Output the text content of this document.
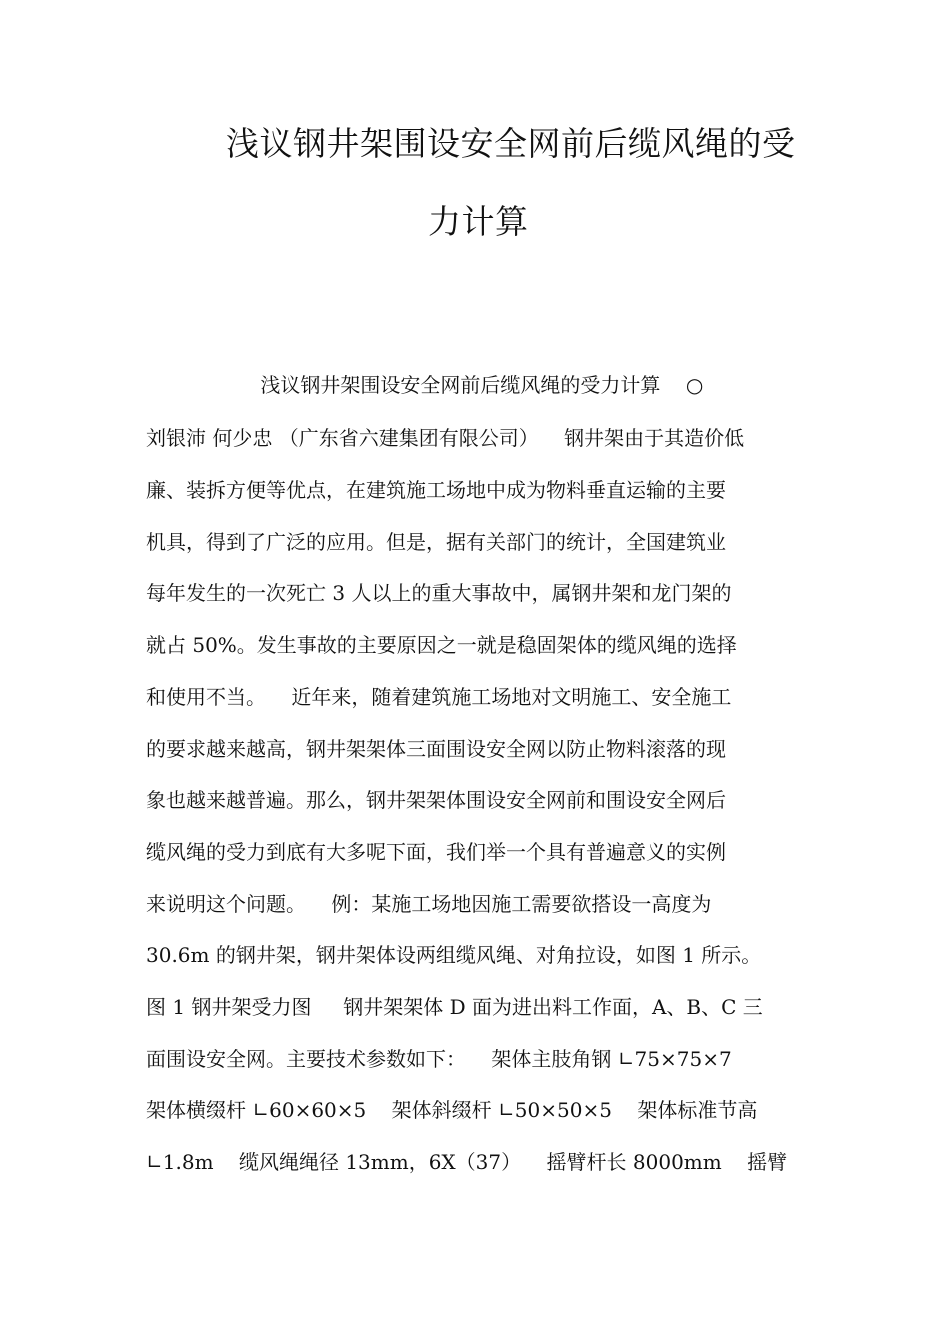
浅议钢井架围设安全网前后缆风绳的受
力计算
浅议钢井架围设安全网前后缆风绳的受力计算    ○
刘银沛 何少忠 （广东省六建集团有限公司）    钢井架由于其造价低
廉、装拆方便等优点，在建筑施工场地中成为物料垂直运输的主要
机具，得到了广泛的应用。但是，据有关部门的统计，全国建筑业
每年发生的一次死亡 3 人以上的重大事故中，属钢井架和龙门架的
就占 50%。发生事故的主要原因之一就是稳固架体的缆风绳的选择
和使用不当。    近年来，随着建筑施工场地对文明施工、安全施工
的要求越来越高，钢井架架体三面围设安全网以防止物料滚落的现
象也越来越普遍。那么，钢井架架体围设安全网前和围设安全网后
缆风绳的受力到底有大多呢下面，我们举一个具有普遍意义的实例
来说明这个问题。    例：某施工场地因施工需要欲搭设一高度为
30.6m 的钢井架，钢井架体设两组缆风绳、对角拉设，如图 1 所示。
图 1 钢井架受力图     钢井架架体 D 面为进出料工作面，A、B、C 三
面围设安全网。主要技术参数如下：    架体主肢角钢 ∟75×75×7
架体横缀杆 ∟60×60×5    架体斜缀杆 ∟50×50×5    架体标准节高
∟1.8m    缆风绳绳径 13mm，6X（37）    摇臂杆长 8000mm    摇臂
